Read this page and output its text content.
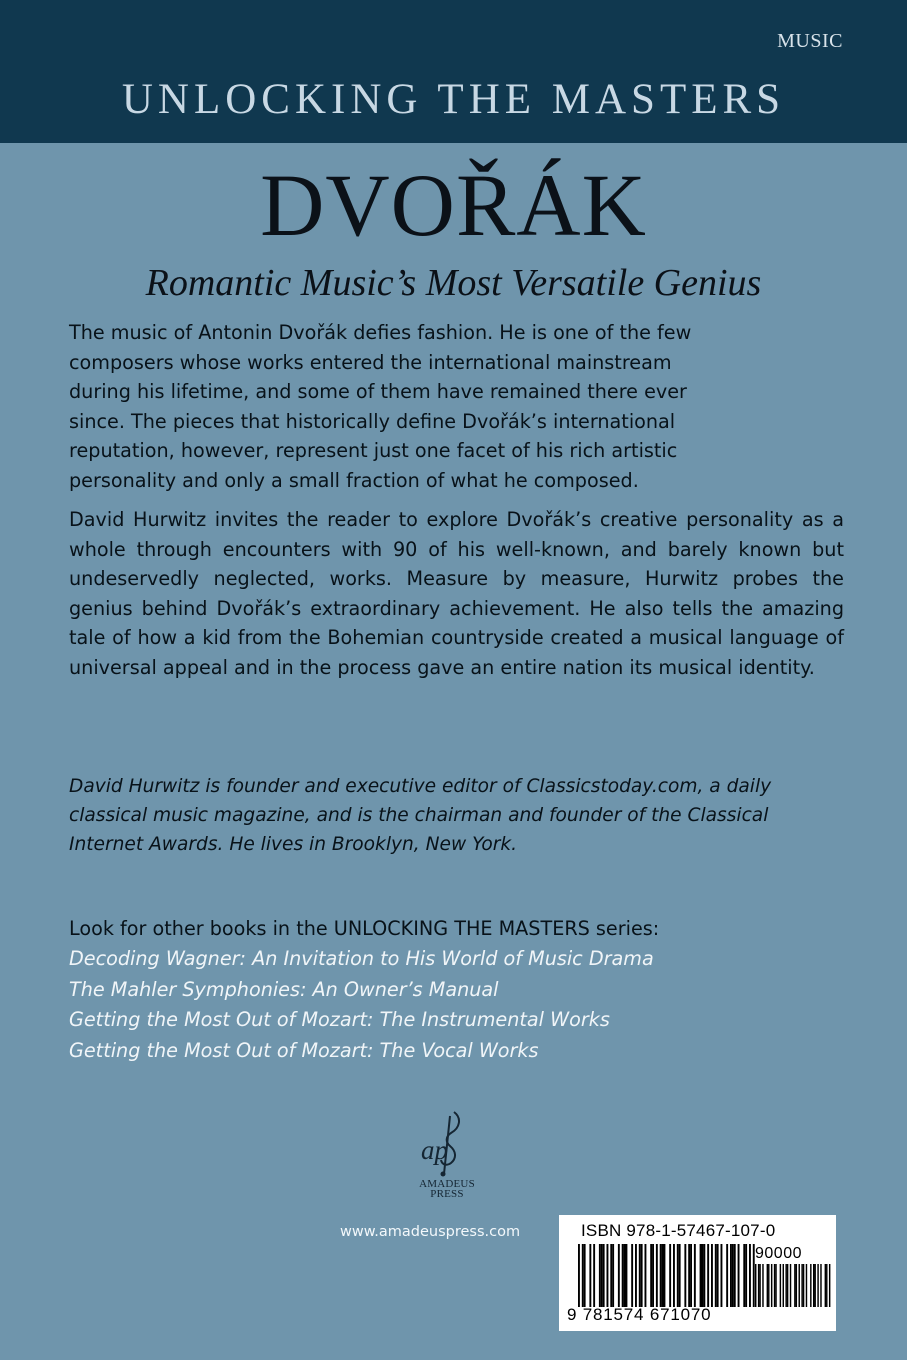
MUSIC
UNLOCKING THE MASTERS
DVOŘÁK
Romantic Music’s Most Versatile Genius

The music of Antonin Dvořák defies fashion. He is one of the few composers whose works entered the international mainstream during his lifetime, and some of them have remained there ever since. The pieces that historically define Dvořák’s international reputation, however, represent just one facet of his rich artistic personality and only a small fraction of what he composed.

David Hurwitz invites the reader to explore Dvořák’s creative personality as a whole through encounters with 90 of his well-known, and barely known but undeservedly neglected, works. Measure by measure, Hurwitz probes the genius behind Dvořák’s extraordinary achievement. He also tells the amazing tale of how a kid from the Bohemian countryside created a musical language of universal appeal and in the process gave an entire nation its musical identity.

David Hurwitz is founder and executive editor of Classicstoday.com, a daily classical music magazine, and is the chairman and founder of the Classical Internet Awards. He lives in Brooklyn, New York.

Look for other books in the UNLOCKING THE MASTERS series:

Decoding Wagner: An Invitation to His World of Music Drama
The Mahler Symphonies: An Owner’s Manual
Getting the Most Out of Mozart: The Instrumental Works
Getting the Most Out of Mozart: The Vocal Works
ap
AMADEUS
PRESS
www.amadeuspress.com	ISBN 978-1-57467-107-0
90000
9 781574 671070
